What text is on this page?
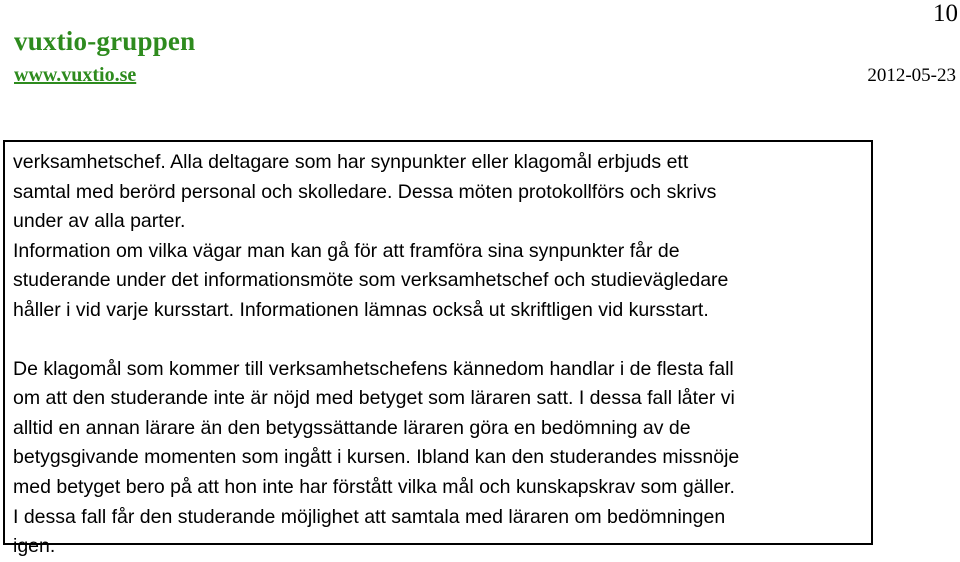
10
vuxtio-gruppen
www.vuxtio.se	2012-05-23

verksamhetschef. Alla deltagare som har synpunkter eller klagomål erbjuds ett
samtal med berörd personal och skolledare. Dessa möten protokollförs och skrivs
under av alla parter.
Information om vilka vägar man kan gå för att framföra sina synpunkter får de
studerande under det informationsmöte som verksamhetschef och studievägledare
håller i vid varje kursstart. Informationen lämnas också ut skriftligen vid kursstart.

De klagomål som kommer till verksamhetschefens kännedom handlar i de flesta fall
om att den studerande inte är nöjd med betyget som läraren satt. I dessa fall låter vi
alltid en annan lärare än den betygssättande läraren göra en bedömning av de
betygsgivande momenten som ingått i kursen. Ibland kan den studerandes missnöje
med betyget bero på att hon inte har förstått vilka mål och kunskapskrav som gäller.
I dessa fall får den studerande möjlighet att samtala med läraren om bedömningen
igen.
